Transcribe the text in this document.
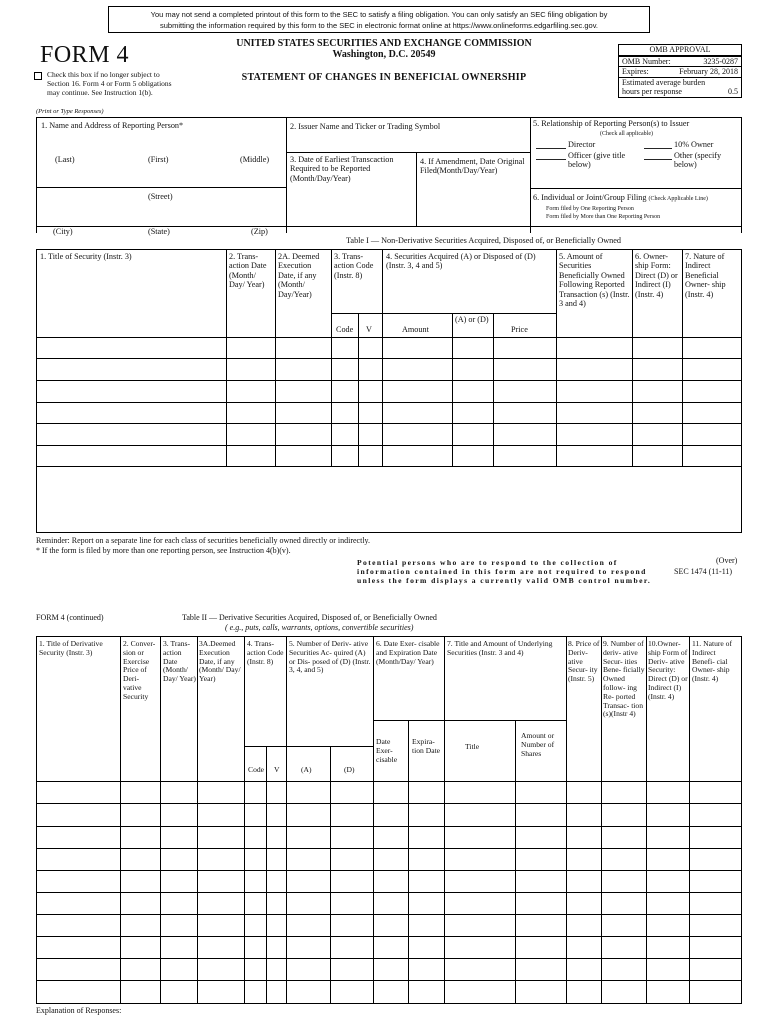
You may not send a completed printout of this form to the SEC to satisfy a filing obligation. You can only satisfy an SEC filing obligation by
submitting the information required by this form to the SEC in electronic format online at https://www.onlineforms.edgarfiling.sec.gov.
FORM 4
Check this box if no longer subject to Section 16. Form 4 or Form 5 obligations may continue. See Instruction 1(b).
(Print or Type Responses)
UNITED STATES SECURITIES AND EXCHANGE COMMISSION
Washington, D.C. 20549
STATEMENT OF CHANGES IN BENEFICIAL OWNERSHIP
OMB APPROVAL
OMB Number:	3235-0287
Expires:	February 28, 2018
Estimated average burden
hours per response	0.5
1. Name and Address of Reporting Person*
(Last)	(First)	(Middle)
(Street)
(City)	(State)	(Zip)
2. Issuer Name and Ticker or Trading Symbol
3. Date of Earliest Transcaction Required to be Reported (Month/Day/Year)
4. If Amendment, Date Original Filed(Month/Day/Year)
5. Relationship of Reporting Person(s) to Issuer
(Check all applicable)
Director	10% Owner
Officer (give title below)
Other (specify below)
6. Individual or Joint/Group Filing (Check Applicable Line)
Form filed by One Reporting Person
Form filed by More than One Reporting Person
Table I — Non-Derivative Securities Acquired, Disposed of, or Beneficially Owned
1. Title of Security (Instr. 3)	2. Trans- action Date (Month/ Day/ Year)
2A. Deemed Execution Date, if any (Month/ Day/Year)
3. Trans- action Code (Instr. 8)
4. Securities Acquired (A) or Disposed of (D) (Instr. 3, 4 and 5)
5. Amount of Securities Beneficially Owned Following Reported Transaction (s) (Instr. 3 and 4)
6. Owner- ship Form: Direct (D) or Indirect (I) (Instr. 4)
7. Nature of Indirect Beneficial Owner- ship (Instr. 4)
Code V	Amount
(A) or (D)
Price
Reminder: Report on a separate line for each class of securities beneficially owned directly or indirectly.
* If the form is filed by more than one reporting person, see Instruction 4(b)(v).
Potential persons who are to respond to the collection of information contained in this form are not required to respond unless the form displays a currently valid OMB control number.
(Over)
SEC 1474 (11-11)
FORM 4 (continued)	Table II — Derivative Securities Acquired, Disposed of, or Beneficially Owned
( e.g., puts, calls, warrants, options, convertible securities)
1. Title of Derivative Security (Instr. 3)
2. Conver- sion or Exercise Price of Deri- vative Security
3. Trans- action Date (Month/ Day/ Year)
3A.Deemed Execution Date, if any (Month/ Day/ Year)
4. Trans- action Code (Instr. 8)
5. Number of Deriv- ative Securities Ac- quired (A) or Dis- posed of (D) (Instr. 3, 4, and 5)
6. Date Exer- cisable and Expiration Date (Month/Day/ Year)
7. Title and Amount of Underlying Securities (Instr. 3 and 4)
8. Price of Deriv- ative Secur- ity (Instr. 5)
9. Number of deriv- ative Secur- ities Bene- ficially Owned follow- ing Re- ported Transac- tion (s)(Instr 4)
10.Owner- ship Form of Deriv- ative Security: Direct (D) or Indirect (I) (Instr. 4)
11. Nature of Indirect Benefi- cial Owner- ship (Instr. 4)
Code V	(A)	(D)
Date Exer- cisable
Expira- tion Date	Title
Amount or Number of Shares
Explanation of Responses:
